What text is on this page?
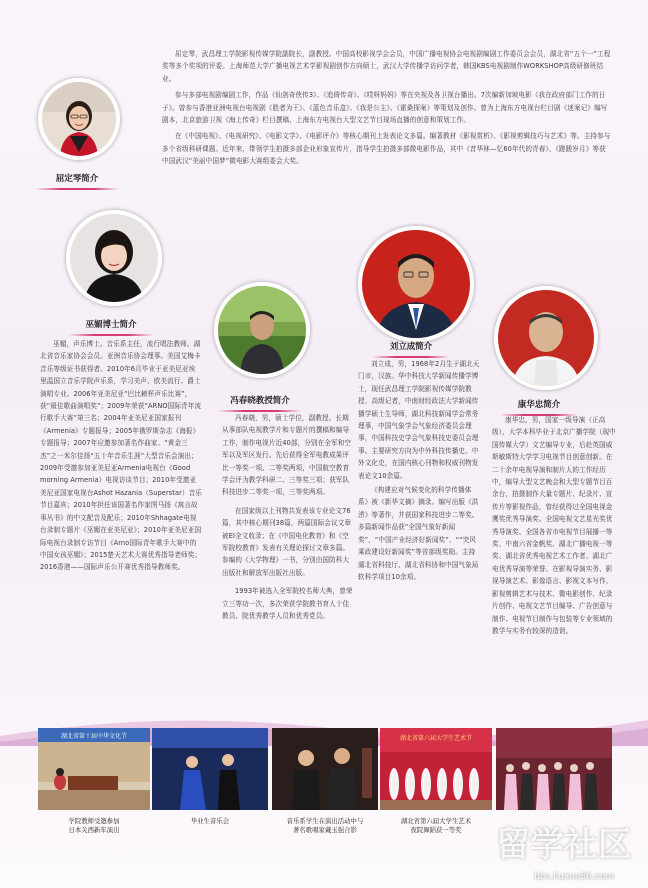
屈定琴简介

屈定琴，武昌理工学院影视传媒学院副院长，副教授。中国高校影视学会会员，中国广播电视协会电视剧编剧工作委员会会员，湖北省“五个一”工程奖等多个奖项的评委。上海师范大学广播电视艺术学影视剧创作方向硕士，武汉大学传播学访问学者，韩国KBS电视剧制作WORKSHOP高级研修班结业。

参与多部电视剧编剧工作，作品《仙剑奇侠传3》、《追倚传奇》、《哎呀妈妈》等在央视及各卫视台播出。7次编新加坡电影《我在政府部门工作的日子》。曾参与香港亚洲电视台电视剧《胜者为王》、《蓝色音乐盒》、《我是公主》、《霍桑探案》等策划及创作。曾为上海东方电视台栏目剧《迷案记》编写剧本，北京旅游卫视《海上传奇》栏目撰稿、上海东方电视台大型文艺节目现场直播的创意和策划工作。

在《中国电视》、《电视研究》、《电影文学》、《电影评介》等核心期刊上发表论文多篇。编著教材《影视赏析》、《影视剪辑技巧与艺术》等。主持参与多个省级科研课题。近年来，带领学生拍摄多部企业形象宣传片，指导学生拍摄多部微电影作品，其中《昔华林—忆60年代的青春》、《蹉蹉岁月》等获中国武汉“美丽中国梦”微电影大赛组委会大奖。

巫媚博士简介

巫媚，声乐博士。音乐系主任，流行唱法教师。湖北省音乐家协会会员。亚洲音乐协会理事。美国艾梅卡音乐等级证书获得者。2010年6月毕业于亚美尼亚埃里温国立音乐学院声乐系，学习美声、欧美流行、爵士演唱专业。2006年亚美尼亚“巴比赖杯声乐比赛”，获“最佳歌曲演唱奖”；2009年荣获“ARNO国际青年流行歌手大赛”第三名；2004年亚美尼亚国家报刊《Armenia》专题报导；2005年俄罗斯杂志《海报》专题报导；2007年应邀参加著名作曲家、“黄金三杰”之一米尔佳扬“五十年音乐生涯”大型音乐会演出；2009年受邀参加亚美尼亚Armenia电视台《Good morning Armenia》电视访谈节目；2010年受邀亚美尼亚国家电视台Ashot Hazania（Superstar）音乐节目嘉宾；2010年担任该国著名作家图马扬《寓言故事丛书》的中文配音及配乐；2010年Shhagate电视台录制专题片《巫媚在亚美尼亚》；2010年亚美尼亚国际电视台录制专访节目《Arno国际青年歌手大赛中的中国女孩巫媚》；2015楚天艺术大赛优秀指导老师奖；2016香港——国际声乐公开赛优秀指导教师奖。

冯春晓教授简介

冯春晓，男，硕士学位，副教授。长期从事部队电视教学片和专题片的撰稿和编导工作，制作电视片近40部，分别在全军和空军以及军区发行。先后获得全军电教成果评比一等奖一项、二等奖两项，中国航空教育学会评为教学科研二、三等奖三项；获军队科技进步二等奖一项，三等奖两项。

在国家级以上刊物共发表该专业论文76篇，其中核心期刊38篇，两篇国际会议文章被EI全文收录；在《中国电化教育》和《空军院校教育》发表有关理论探讨文章多篇。参编的《大学物理》一书，分别由国防科大出版社和解放军出版社出版。

1993年被选入全军院校名师大典，曾荣立三等功一次，多次荣获学院教书育人十佳教员、院优秀教学人员和优秀党员。

刘立成简介

刘立成，男，1968年2月生于湖北天门市，汉族。华中科技大学新闻传播学博士，现任武昌理工学院影视传媒学院教授、高级记者，中南财经政法大学新闻传播学硕士生导师，湖北科技新闻学会常务理事，中国气象学会气象经济委员会理事，中国科技史学会气象科技史委员会理事。主要研究方向为中外科技传播史、中外文化史，在国内核心刊物和权威刊物发表论文10余篇。

《构建应对气候变化的科学传播体系》被《新华文摘》摘录。编写出版《洪涝》等著作，并获国家科技进步二等奖。多篇新闻作品获“全国气象好新闻奖”，“中国产业经济好新闻奖”、““突风乘政建设好新闻奖”等省部级奖励。主持湖北省科技厅、湖北省科协和中国气象局软科学项目10余项。

康华忠简介

康华忠，男，国家一级导演（正高级），大学本科毕业于北京广播学院（现中国传媒大学）文艺编导专业，后赴英国威斯敏斯特大学学习电视节目创意创新。在二十余年电视导演和制片人的工作经历中，编导大型文艺晚会和大型专题节目百余台，拍摄制作大量专题片、纪录片、宣传片等影视作品，曾经获得过全国电视金鹰奖优秀导演奖、全国电视文艺星光奖优秀导演奖、全国各省市电视节目展播一等奖、中南六省金帆奖、湖北广播电视一等奖、湖北省优秀电视艺术工作者、湖北广电优秀导演等荣誉。在影视导演实务、影视导演艺术、影像语言、影视文本写作、影视剪辑艺术与技术、微电影创作、纪录片创作、电视文艺节目编导、广告创意与制作、电视节目制作与包装等专业领域的教学与实务有较深的造诣。

湖北省第十届中华文化节	湖北省第六届大学生艺术节
学院教师受邀参加
日本关西新年演出
毕业生音乐会	音乐系学生在演出活动中与
著名歌唱家戴玉强合影
湖北省第六届大学生艺术
夜院舞蹈获一等奖	留学社区
bbs.liuxue86.com
